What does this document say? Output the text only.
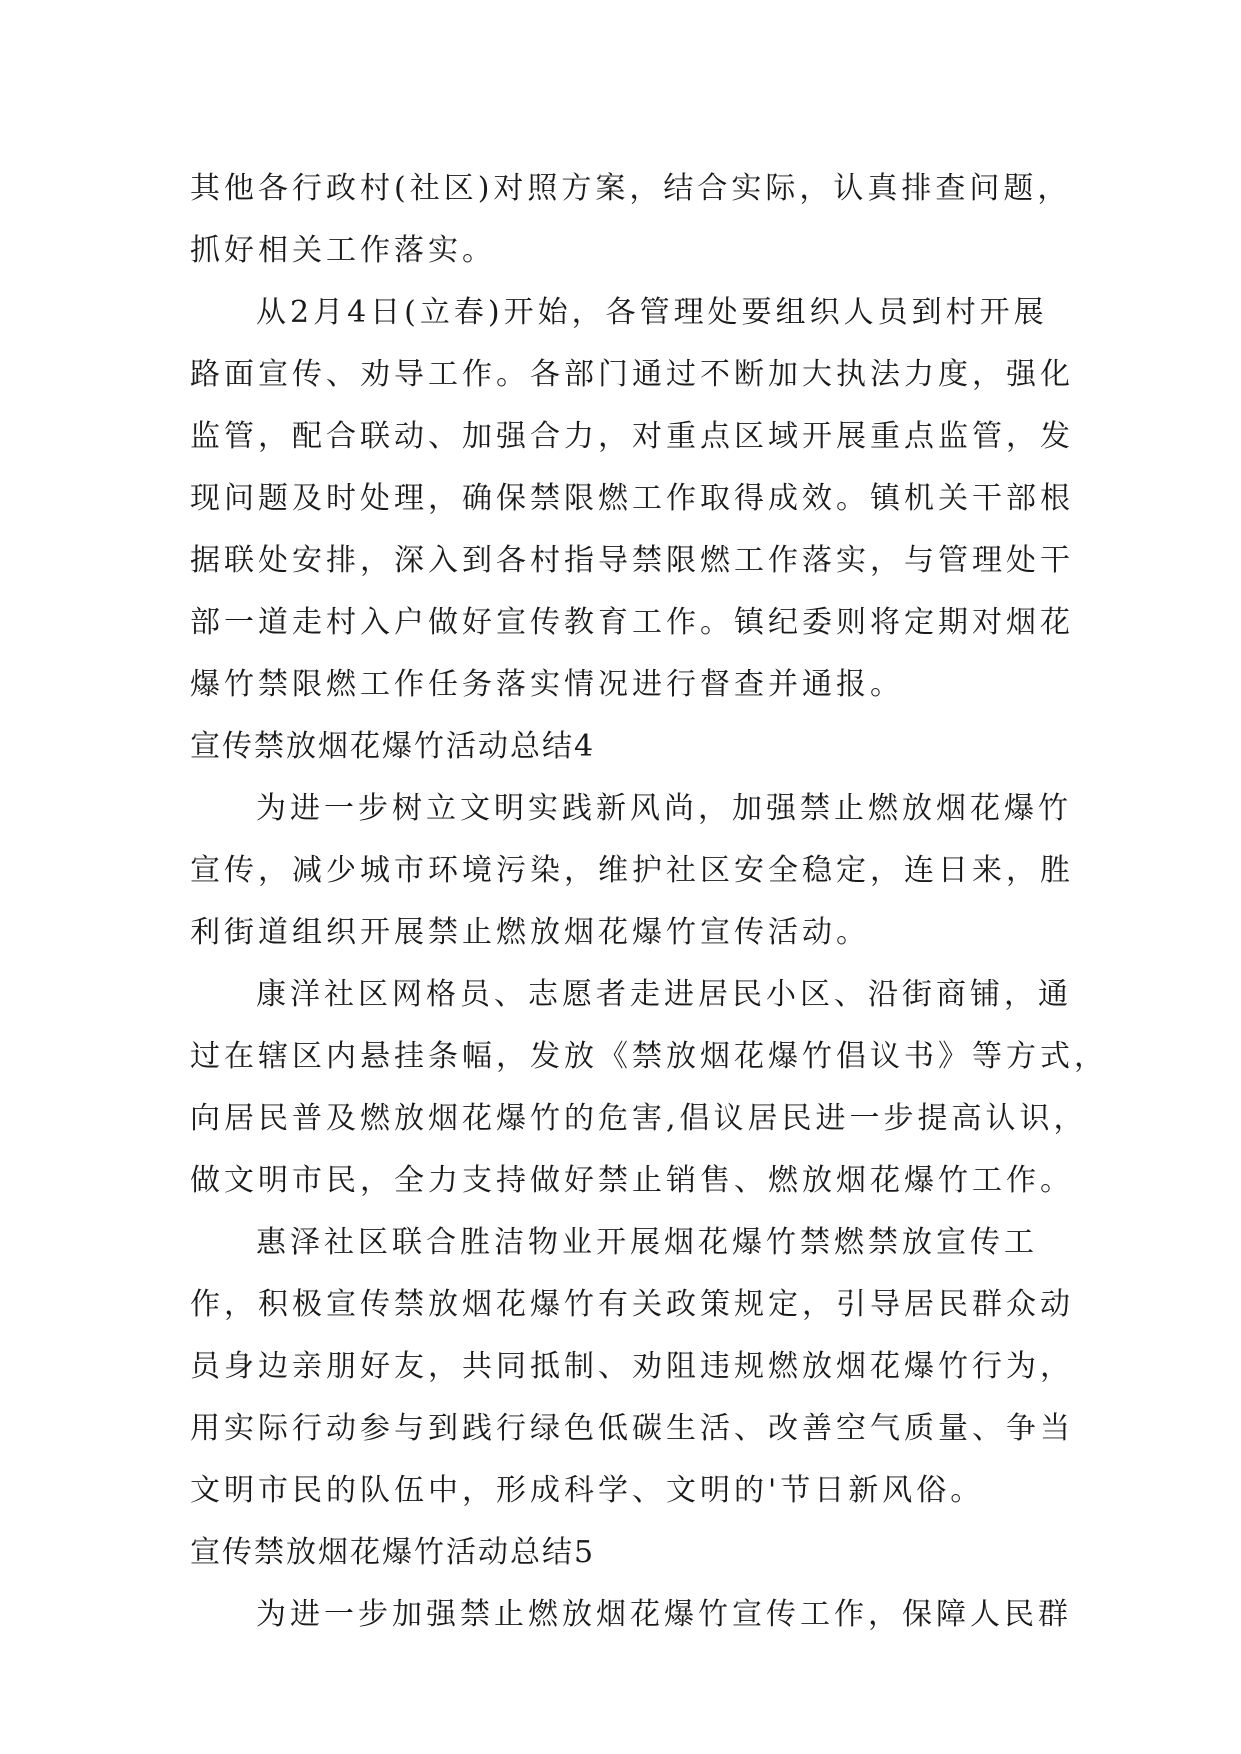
其他各行政村(社区)对照方案，结合实际，认真排查问题，
抓好相关工作落实。
从2月4日(立春)开始，各管理处要组织人员到村开展
路面宣传、劝导工作。各部门通过不断加大执法力度，强化
监管，配合联动、加强合力，对重点区域开展重点监管，发
现问题及时处理，确保禁限燃工作取得成效。镇机关干部根
据联处安排，深入到各村指导禁限燃工作落实，与管理处干
部一道走村入户做好宣传教育工作。镇纪委则将定期对烟花
爆竹禁限燃工作任务落实情况进行督查并通报。
宣传禁放烟花爆竹活动总结4
为进一步树立文明实践新风尚，加强禁止燃放烟花爆竹
宣传，减少城市环境污染，维护社区安全稳定，连日来，胜
利街道组织开展禁止燃放烟花爆竹宣传活动。
康洋社区网格员、志愿者走进居民小区、沿街商铺，通
过在辖区内悬挂条幅，发放《禁放烟花爆竹倡议书》等方式，
向居民普及燃放烟花爆竹的危害,倡议居民进一步提高认识，
做文明市民，全力支持做好禁止销售、燃放烟花爆竹工作。
惠泽社区联合胜洁物业开展烟花爆竹禁燃禁放宣传工
作，积极宣传禁放烟花爆竹有关政策规定，引导居民群众动
员身边亲朋好友，共同抵制、劝阻违规燃放烟花爆竹行为，
用实际行动参与到践行绿色低碳生活、改善空气质量、争当
文明市民的队伍中，形成科学、文明的'节日新风俗。
宣传禁放烟花爆竹活动总结5
为进一步加强禁止燃放烟花爆竹宣传工作，保障人民群
